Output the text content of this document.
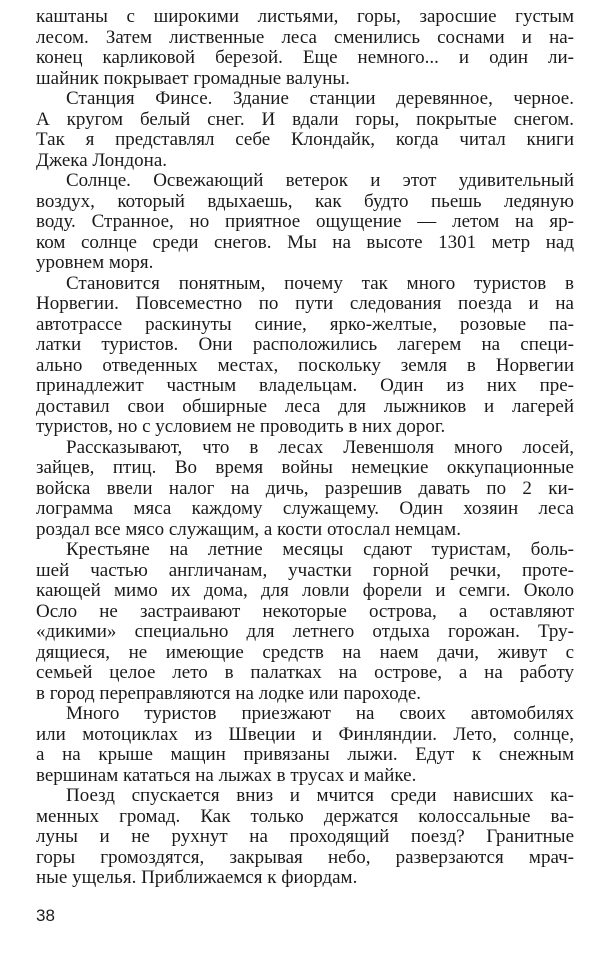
каштаны с широкими листьями, горы, заросшие густым
лесом. Затем лиственные леса сменились соснами и на-
конец карликовой березой. Еще немного... и один ли-
шайник покрывает громадные валуны.
Станция Финсе. Здание станции деревянное, черное.
А кругом белый снег. И вдали горы, покрытые снегом.
Так я представлял себе Клондайк, когда читал книги
Джека Лондона.
Солнце. Освежающий ветерок и этот удивительный
воздух, который вдыхаешь, как будто пьешь ледяную
воду. Странное, но приятное ощущение — летом на яр-
ком солнце среди снегов. Мы на высоте 1301 метр над
уровнем моря.
Становится понятным, почему так много туристов в
Норвегии. Повсеместно по пути следования поезда и на
автотрассе раскинуты синие, ярко-желтые, розовые па-
латки туристов. Они расположились лагерем на специ-
ально отведенных местах, поскольку земля в Норвегии
принадлежит частным владельцам. Один из них пре-
доставил свои обширные леса для лыжников и лагерей
туристов, но с условием не проводить в них дорог.
Рассказывают, что в лесах Левеншоля много лосей,
зайцев, птиц. Во время войны немецкие оккупационные
войска ввели налог на дичь, разрешив давать по 2 ки-
лограмма мяса каждому служащему. Один хозяин леса
роздал все мясо служащим, а кости отослал немцам.
Крестьяне на летние месяцы сдают туристам, боль-
шей частью англичанам, участки горной речки, проте-
кающей мимо их дома, для ловли форели и семги. Около
Осло не застраивают некоторые острова, а оставляют
«дикими» специально для летнего отдыха горожан. Тру-
дящиеся, не имеющие средств на наем дачи, живут с
семьей целое лето в палатках на острове, а на работу
в город переправляются на лодке или пароходе.
Много туристов приезжают на своих автомобилях
или мотоциклах из Швеции и Финляндии. Лето, солнце,
а на крыше мащин привязаны лыжи. Едут к снежным
вершинам кататься на лыжах в трусах и майке.
Поезд спускается вниз и мчится среди нависших ка-
менных громад. Как только держатся колоссальные ва-
луны и не рухнут на проходящий поезд? Гранитные
горы громоздятся, закрывая небо, разверзаются мрач-
ные ущелья. Приближаемся к фиордам.
38
